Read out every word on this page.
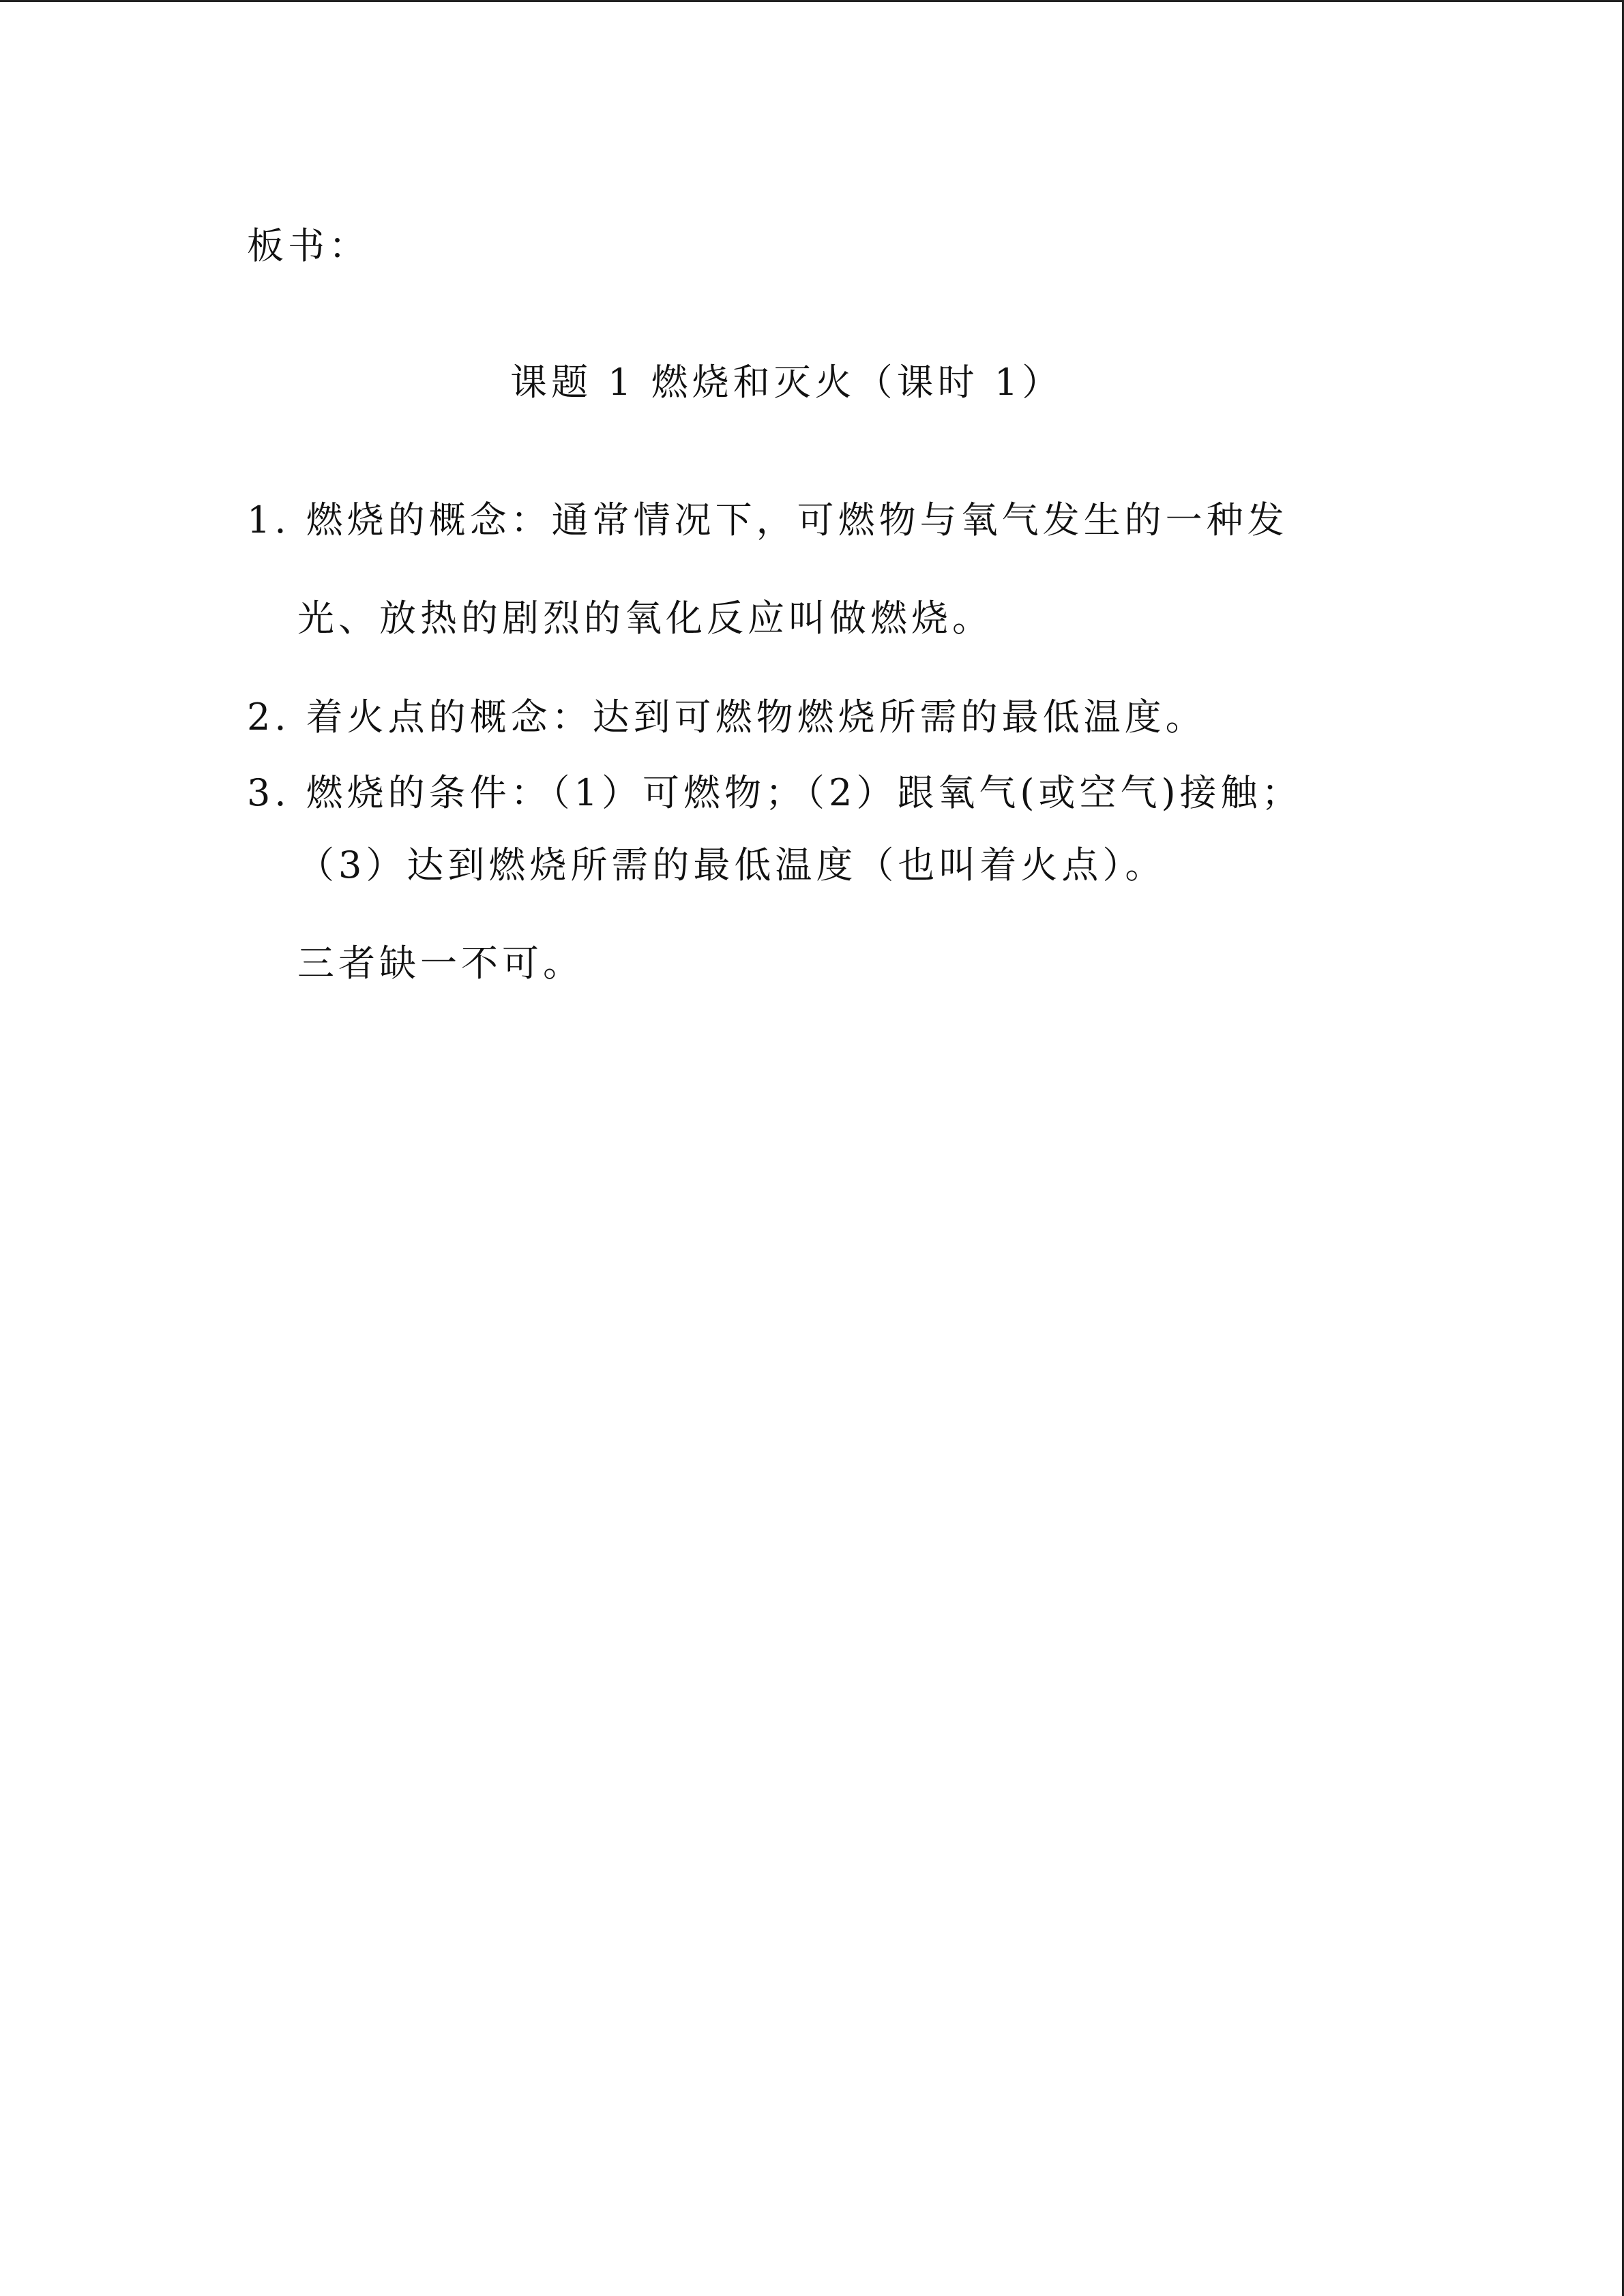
板书：
课题 1 燃烧和灭火（课时 1）
1. 燃烧的概念：通常情况下，可燃物与氧气发生的一种发
光、放热的剧烈的氧化反应叫做燃烧。
2. 着火点的概念：达到可燃物燃烧所需的最低温度。
3. 燃烧的条件：（1）可燃物；（2）跟氧气(或空气)接触；
（3）达到燃烧所需的最低温度（也叫着火点）。
三者缺一不可。
